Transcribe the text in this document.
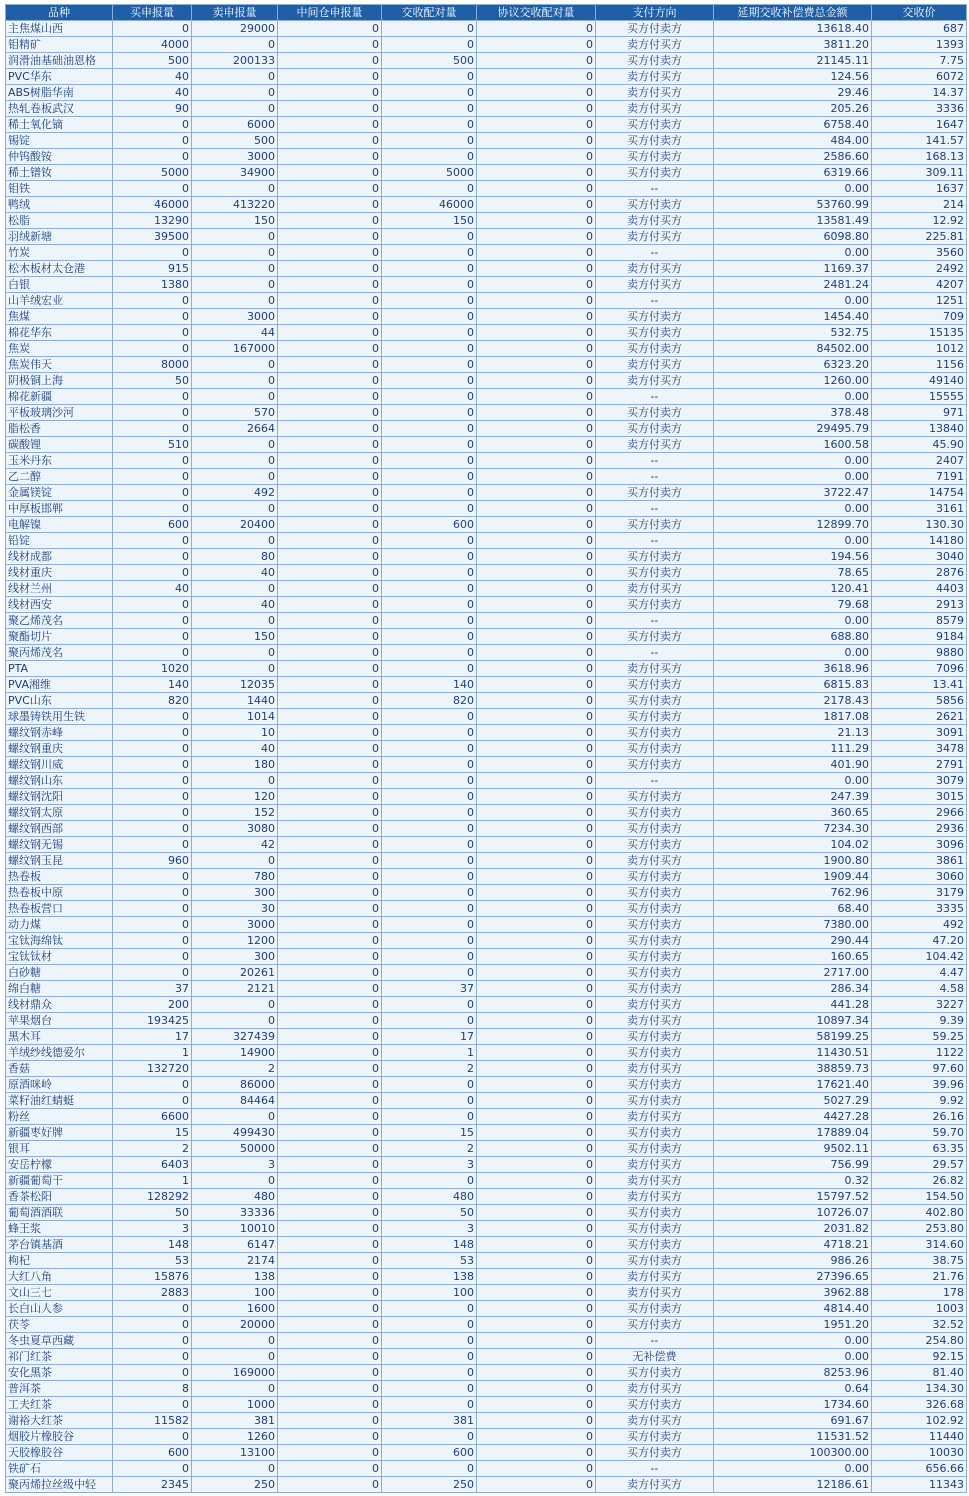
品种	买申报量	卖申报量	中间仓申报量	交收配对量	协议交收配对量	支付方向	延期交收补偿费总金额	交收价
主焦煤山西	0	29000	0	0	0	买方付卖方	13618.40	687
钼精矿	4000	0	0	0	0	卖方付买方	3811.20	1393
润滑油基础油恩格	500	200133	0	500	0	买方付卖方	21145.11	7.75
PVC华东	40	0	0	0	0	卖方付买方	124.56	6072
ABS树脂华南	40	0	0	0	0	卖方付买方	29.46	14.37
热轧卷板武汉	90	0	0	0	0	卖方付买方	205.26	3336
稀土氧化镝	0	6000	0	0	0	买方付卖方	6758.40	1647
锡锭	0	500	0	0	0	买方付卖方	484.00	141.57
仲钨酸铵	0	3000	0	0	0	买方付卖方	2586.60	168.13
稀土镨钕	5000	34900	0	5000	0	买方付卖方	6319.66	309.11
钼铁	0	0	0	0	0	--	0.00	1637
鸭绒	46000	413220	0	46000	0	买方付卖方	53760.99	214
松脂	13290	150	0	150	0	卖方付买方	13581.49	12.92
羽绒新塘	39500	0	0	0	0	卖方付买方	6098.80	225.81
竹炭	0	0	0	0	0	--	0.00	3560
松木板材太仓港	915	0	0	0	0	卖方付买方	1169.37	2492
白银	1380	0	0	0	0	卖方付买方	2481.24	4207
山羊绒宏业	0	0	0	0	0	--	0.00	1251
焦煤	0	3000	0	0	0	买方付卖方	1454.40	709
棉花华东	0	44	0	0	0	买方付卖方	532.75	15135
焦炭	0	167000	0	0	0	买方付卖方	84502.00	1012
焦炭伟天	8000	0	0	0	0	卖方付买方	6323.20	1156
阴极铜上海	50	0	0	0	0	卖方付买方	1260.00	49140
棉花新疆	0	0	0	0	0	--	0.00	15555
平板玻璃沙河	0	570	0	0	0	买方付卖方	378.48	971
脂松香	0	2664	0	0	0	买方付卖方	29495.79	13840
碳酸锂	510	0	0	0	0	卖方付买方	1600.58	45.90
玉米丹东	0	0	0	0	0	--	0.00	2407
乙二醇	0	0	0	0	0	--	0.00	7191
金属镁锭	0	492	0	0	0	买方付卖方	3722.47	14754
中厚板邯郸	0	0	0	0	0	--	0.00	3161
电解镍	600	20400	0	600	0	买方付卖方	12899.70	130.30
铅锭	0	0	0	0	0	--	0.00	14180
线材成都	0	80	0	0	0	买方付卖方	194.56	3040
线材重庆	0	40	0	0	0	买方付卖方	78.65	2876
线材兰州	40	0	0	0	0	卖方付买方	120.41	4403
线材西安	0	40	0	0	0	买方付卖方	79.68	2913
聚乙烯茂名	0	0	0	0	0	--	0.00	8579
聚酯切片	0	150	0	0	0	买方付卖方	688.80	9184
聚丙烯茂名	0	0	0	0	0	--	0.00	9880
PTA	1020	0	0	0	0	卖方付买方	3618.96	7096
PVA湘维	140	12035	0	140	0	买方付卖方	6815.83	13.41
PVC山东	820	1440	0	820	0	买方付卖方	2178.43	5856
球墨铸铁用生铁	0	1014	0	0	0	买方付卖方	1817.08	2621
螺纹钢赤峰	0	10	0	0	0	买方付卖方	21.13	3091
螺纹钢重庆	0	40	0	0	0	买方付卖方	111.29	3478
螺纹钢川威	0	180	0	0	0	买方付卖方	401.90	2791
螺纹钢山东	0	0	0	0	0	--	0.00	3079
螺纹钢沈阳	0	120	0	0	0	买方付卖方	247.39	3015
螺纹钢太原	0	152	0	0	0	买方付卖方	360.65	2966
螺纹钢西部	0	3080	0	0	0	买方付卖方	7234.30	2936
螺纹钢无锡	0	42	0	0	0	买方付卖方	104.02	3096
螺纹钢玉昆	960	0	0	0	0	卖方付买方	1900.80	3861
热卷板	0	780	0	0	0	买方付卖方	1909.44	3060
热卷板中原	0	300	0	0	0	买方付卖方	762.96	3179
热卷板营口	0	30	0	0	0	买方付卖方	68.40	3335
动力煤	0	3000	0	0	0	买方付卖方	7380.00	492
宝钛海绵钛	0	1200	0	0	0	买方付卖方	290.44	47.20
宝钛钛材	0	300	0	0	0	买方付卖方	160.65	104.42
白砂糖	0	20261	0	0	0	买方付卖方	2717.00	4.47
绵白糖	37	2121	0	37	0	买方付卖方	286.34	4.58
线材鼎众	200	0	0	0	0	卖方付买方	441.28	3227
苹果烟台	193425	0	0	0	0	卖方付买方	10897.34	9.39
黑木耳	17	327439	0	17	0	买方付卖方	58199.25	59.25
羊绒纱线德爱尔	1	14900	0	1	0	买方付卖方	11430.51	1122
香菇	132720	2	0	2	0	卖方付买方	38859.73	97.60
原酒咪岭	0	86000	0	0	0	买方付卖方	17621.40	39.96
菜籽油红蜻蜓	0	84464	0	0	0	买方付卖方	5027.29	9.92
粉丝	6600	0	0	0	0	卖方付买方	4427.28	26.16
新疆枣好牌	15	499430	0	15	0	买方付卖方	17889.04	59.70
银耳	2	50000	0	2	0	买方付卖方	9502.11	63.35
安岳柠檬	6403	3	0	3	0	卖方付买方	756.99	29.57
新疆葡萄干	1	0	0	0	0	卖方付买方	0.32	26.82
香茶松阳	128292	480	0	480	0	卖方付买方	15797.52	154.50
葡萄酒酒联	50	33336	0	50	0	买方付卖方	10726.07	402.80
蜂王浆	3	10010	0	3	0	买方付卖方	2031.82	253.80
茅台镇基酒	148	6147	0	148	0	买方付卖方	4718.21	314.60
枸杞	53	2174	0	53	0	买方付卖方	986.26	38.75
大红八角	15876	138	0	138	0	卖方付买方	27396.65	21.76
文山三七	2883	100	0	100	0	卖方付买方	3962.88	178
长白山人参	0	1600	0	0	0	买方付卖方	4814.40	1003
茯苓	0	20000	0	0	0	买方付卖方	1951.20	32.52
冬虫夏草西藏	0	0	0	0	0	--	0.00	254.80
祁门红茶	0	0	0	0	0	无补偿费	0.00	92.15
安化黑茶	0	169000	0	0	0	买方付卖方	8253.96	81.40
普洱茶	8	0	0	0	0	卖方付买方	0.64	134.30
工夫红茶	0	1000	0	0	0	买方付卖方	1734.60	326.68
谢裕大红茶	11582	381	0	381	0	卖方付买方	691.67	102.92
烟胶片橡胶谷	0	1260	0	0	0	买方付卖方	11531.52	11440
天胶橡胶谷	600	13100	0	600	0	买方付卖方	100300.00	10030
铁矿石	0	0	0	0	0	--	0.00	656.66
聚丙烯拉丝级中轻	2345	250	0	250	0	卖方付买方	12186.61	11343
